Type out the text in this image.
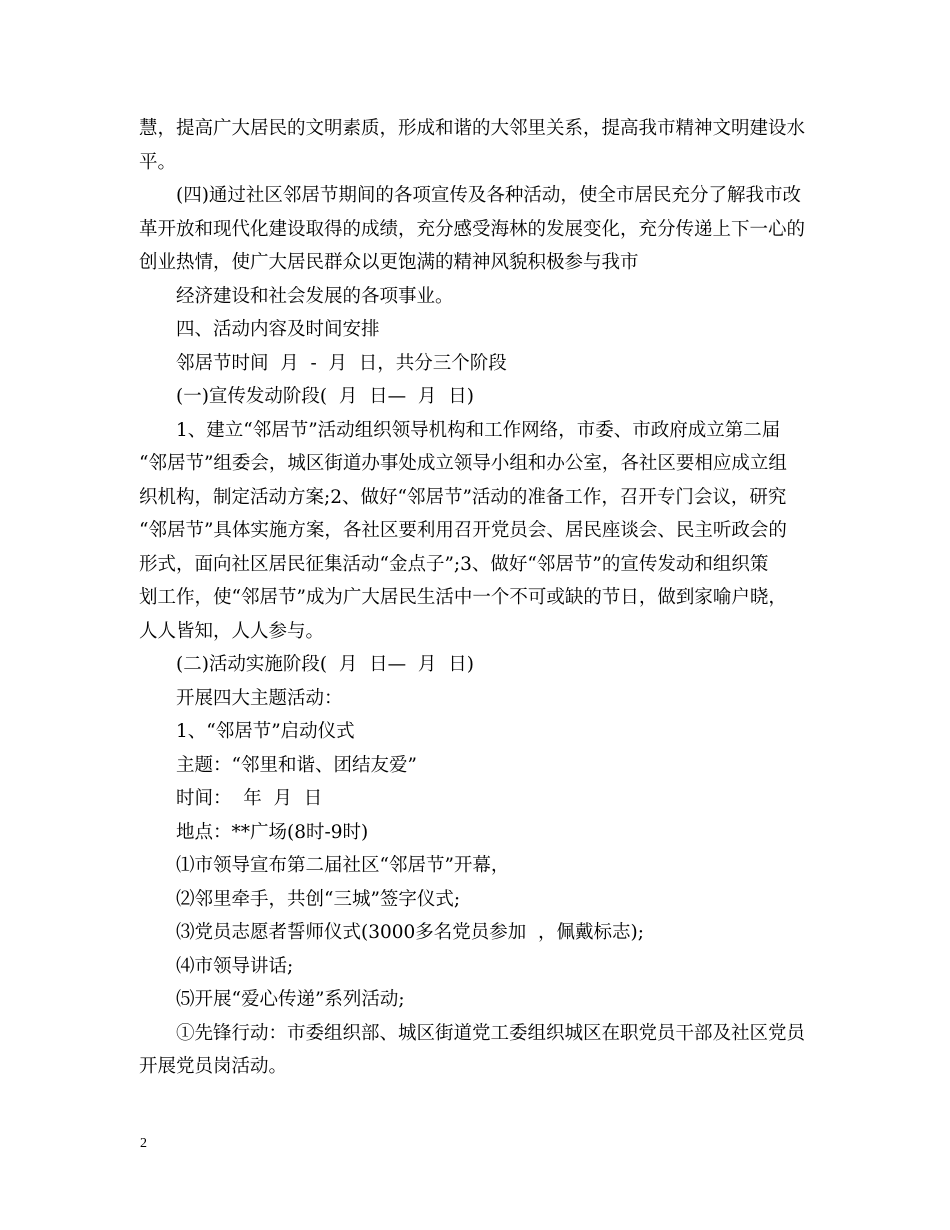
慧，提高广大居民的文明素质，形成和谐的大邻里关系，提高我市精神文明建设水
平。

(四)通过社区邻居节期间的各项宣传及各种活动，使全市居民充分了解我市改
革开放和现代化建设取得的成绩，充分感受海林的发展变化，充分传递上下一心的
创业热情，使广大居民群众以更饱满的精神风貌积极参与我市

经济建设和社会发展的各项事业。

四、活动内容及时间安排

邻居节时间  月  -  月  日，共分三个阶段

(一)宣传发动阶段(  月  日—  月  日)

1、建立“邻居节”活动组织领导机构和工作网络，市委、市政府成立第二届
“邻居节”组委会，城区街道办事处成立领导小组和办公室，各社区要相应成立组
织机构，制定活动方案;2、做好“邻居节”活动的准备工作，召开专门会议，研究
“邻居节”具体实施方案，各社区要利用召开党员会、居民座谈会、民主听政会的
形式，面向社区居民征集活动“金点子”;3、做好“邻居节”的宣传发动和组织策
划工作，使“邻居节”成为广大居民生活中一个不可或缺的节日，做到家喻户晓，
人人皆知，人人参与。

(二)活动实施阶段(  月  日—  月  日)

开展四大主题活动：

1、“邻居节”启动仪式

主题：“邻里和谐、团结友爱”

时间：  年  月  日

地点：**广场(8时-9时)

⑴市领导宣布第二届社区“邻居节”开幕，

⑵邻里牵手，共创“三城”签字仪式;

⑶党员志愿者誓师仪式(3000多名党员参加  ，佩戴标志);

⑷市领导讲话;

⑸开展“爱心传递”系列活动;

①先锋行动：市委组织部、城区街道党工委组织城区在职党员干部及社区党员
开展党员岗活动。

2
